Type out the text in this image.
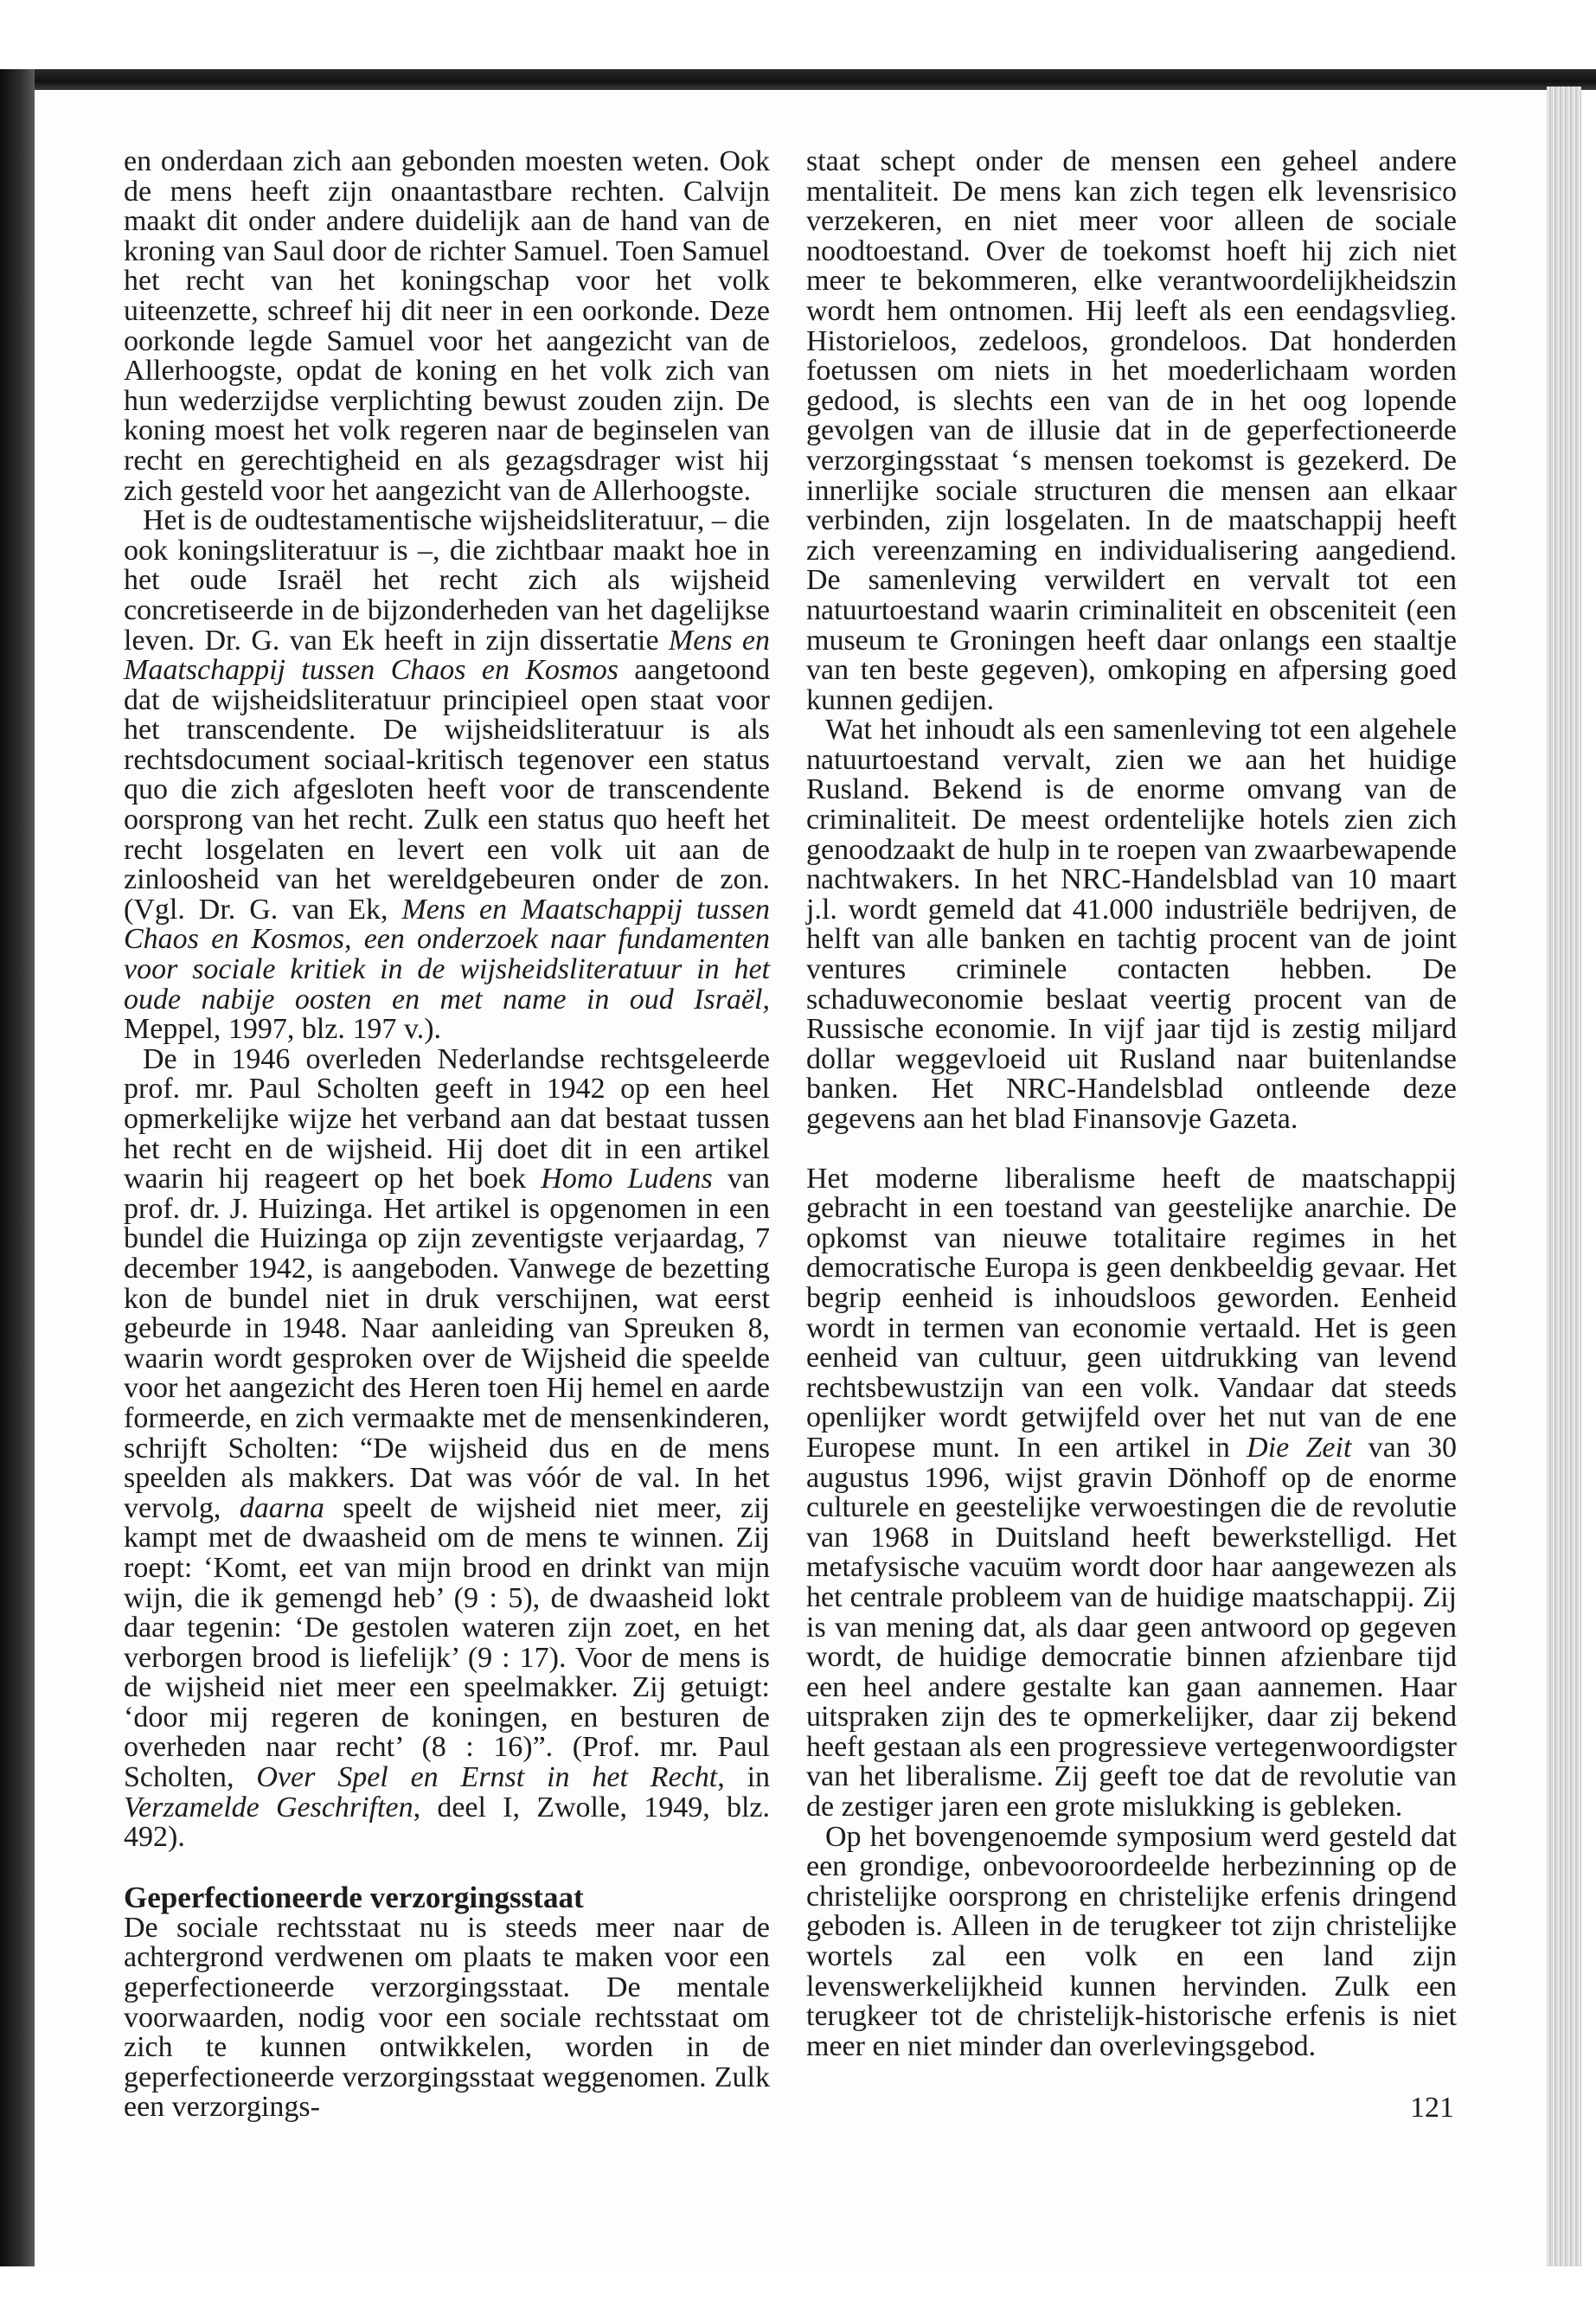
en onderdaan zich aan gebonden moesten weten. Ook de mens heeft zijn onaantastbare rechten. Calvijn maakt dit onder andere duidelijk aan de hand van de kroning van Saul door de richter Samuel. Toen Samuel het recht van het koningschap voor het volk uiteenzette, schreef hij dit neer in een oorkonde. Deze oorkonde legde Samuel voor het aangezicht van de Allerhoogste, opdat de koning en het volk zich van hun wederzijdse verplichting bewust zouden zijn. De koning moest het volk regeren naar de beginselen van recht en gerechtigheid en als gezagsdrager wist hij zich gesteld voor het aangezicht van de Allerhoogste.

Het is de oudtestamentische wijsheidsliteratuur, – die ook koningsliteratuur is –, die zichtbaar maakt hoe in het oude Israël het recht zich als wijsheid concretiseerde in de bijzonderheden van het dagelijkse leven. Dr. G. van Ek heeft in zijn dissertatie Mens en Maatschappij tussen Chaos en Kosmos aangetoond dat de wijsheidsliteratuur principieel open staat voor het transcendente. De wijsheidsliteratuur is als rechtsdocument sociaal-kritisch tegenover een status quo die zich afgesloten heeft voor de transcendente oorsprong van het recht. Zulk een status quo heeft het recht losgelaten en levert een volk uit aan de zinloosheid van het wereldgebeuren onder de zon. (Vgl. Dr. G. van Ek, Mens en Maatschappij tussen Chaos en Kosmos, een onderzoek naar fundamenten voor sociale kritiek in de wijsheidsliteratuur in het oude nabije oosten en met name in oud Israël, Meppel, 1997, blz. 197 v.).

De in 1946 overleden Nederlandse rechtsgeleerde prof. mr. Paul Scholten geeft in 1942 op een heel opmerkelijke wijze het verband aan dat bestaat tussen het recht en de wijsheid. Hij doet dit in een artikel waarin hij reageert op het boek Homo Ludens van prof. dr. J. Huizinga. Het artikel is opgenomen in een bundel die Huizinga op zijn zeventigste verjaardag, 7 december 1942, is aangeboden. Vanwege de bezetting kon de bundel niet in druk verschijnen, wat eerst gebeurde in 1948. Naar aanleiding van Spreuken 8, waarin wordt gesproken over de Wijsheid die speelde voor het aangezicht des Heren toen Hij hemel en aarde formeerde, en zich vermaakte met de mensenkinderen, schrijft Scholten: “De wijsheid dus en de mens speelden als makkers. Dat was vóór de val. In het vervolg, daarna speelt de wijsheid niet meer, zij kampt met de dwaasheid om de mens te winnen. Zij roept: ‘Komt, eet van mijn brood en drinkt van mijn wijn, die ik gemengd heb’ (9 : 5), de dwaasheid lokt daar tegenin: ‘De gestolen wateren zijn zoet, en het verborgen brood is liefelijk’ (9 : 17). Voor de mens is de wijsheid niet meer een speelmakker. Zij getuigt: ‘door mij regeren de koningen, en besturen de overheden naar recht’ (8 : 16)”. (Prof. mr. Paul Scholten, Over Spel en Ernst in het Recht, in Verzamelde Geschriften, deel I, Zwolle, 1949, blz. 492).

Geperfectioneerde verzorgingsstaat

De sociale rechtsstaat nu is steeds meer naar de achtergrond verdwenen om plaats te maken voor een geperfectioneerde verzorgingsstaat. De mentale voorwaarden, nodig voor een sociale rechtsstaat om zich te kunnen ontwikkelen, worden in de geperfectioneerde verzorgingsstaat weggenomen. Zulk een verzorgings-

staat schept onder de mensen een geheel andere mentaliteit. De mens kan zich tegen elk levensrisico verzekeren, en niet meer voor alleen de sociale noodtoestand. Over de toekomst hoeft hij zich niet meer te bekommeren, elke verantwoordelijkheidszin wordt hem ontnomen. Hij leeft als een eendagsvlieg. Historieloos, zedeloos, grondeloos. Dat honderden foetussen om niets in het moederlichaam worden gedood, is slechts een van de in het oog lopende gevolgen van de illusie dat in de geperfectioneerde verzorgingsstaat ‘s mensen toekomst is gezekerd. De innerlijke sociale structuren die mensen aan elkaar verbinden, zijn losgelaten. In de maatschappij heeft zich vereenzaming en individualisering aangediend. De samenleving verwildert en vervalt tot een natuurtoestand waarin criminaliteit en obsceniteit (een museum te Groningen heeft daar onlangs een staaltje van ten beste gegeven), omkoping en afpersing goed kunnen gedijen.

Wat het inhoudt als een samenleving tot een algehele natuurtoestand vervalt, zien we aan het huidige Rusland. Bekend is de enorme omvang van de criminaliteit. De meest ordentelijke hotels zien zich genoodzaakt de hulp in te roepen van zwaarbewapende nachtwakers. In het NRC-Handelsblad van 10 maart j.l. wordt gemeld dat 41.000 industriële bedrijven, de helft van alle banken en tachtig procent van de joint ventures criminele contacten hebben. De schaduweconomie beslaat veertig procent van de Russische economie. In vijf jaar tijd is zestig miljard dollar weggevloeid uit Rusland naar buitenlandse banken. Het NRC-Handelsblad ontleende deze gegevens aan het blad Finansovje Gazeta.

Het moderne liberalisme heeft de maatschappij gebracht in een toestand van geestelijke anarchie. De opkomst van nieuwe totalitaire regimes in het democratische Europa is geen denkbeeldig gevaar. Het begrip eenheid is inhoudsloos geworden. Eenheid wordt in termen van economie vertaald. Het is geen eenheid van cultuur, geen uitdrukking van levend rechtsbewustzijn van een volk. Vandaar dat steeds openlijker wordt getwijfeld over het nut van de ene Europese munt. In een artikel in Die Zeit van 30 augustus 1996, wijst gravin Dönhoff op de enorme culturele en geestelijke verwoestingen die de revolutie van 1968 in Duitsland heeft bewerkstelligd. Het metafysische vacuüm wordt door haar aangewezen als het centrale probleem van de huidige maatschappij. Zij is van mening dat, als daar geen antwoord op gegeven wordt, de huidige democratie binnen afzienbare tijd een heel andere gestalte kan gaan aannemen. Haar uitspraken zijn des te opmerkelijker, daar zij bekend heeft gestaan als een progressieve vertegenwoordigster van het liberalisme. Zij geeft toe dat de revolutie van de zestiger jaren een grote mislukking is gebleken.

Op het bovengenoemde symposium werd gesteld dat een grondige, onbevooroordeelde herbezinning op de christelijke oorsprong en christelijke erfenis dringend geboden is. Alleen in de terugkeer tot zijn christelijke wortels zal een volk en een land zijn levenswerkelijkheid kunnen hervinden. Zulk een terugkeer tot de christelijk-historische erfenis is niet meer en niet minder dan overlevingsgebod.

121
